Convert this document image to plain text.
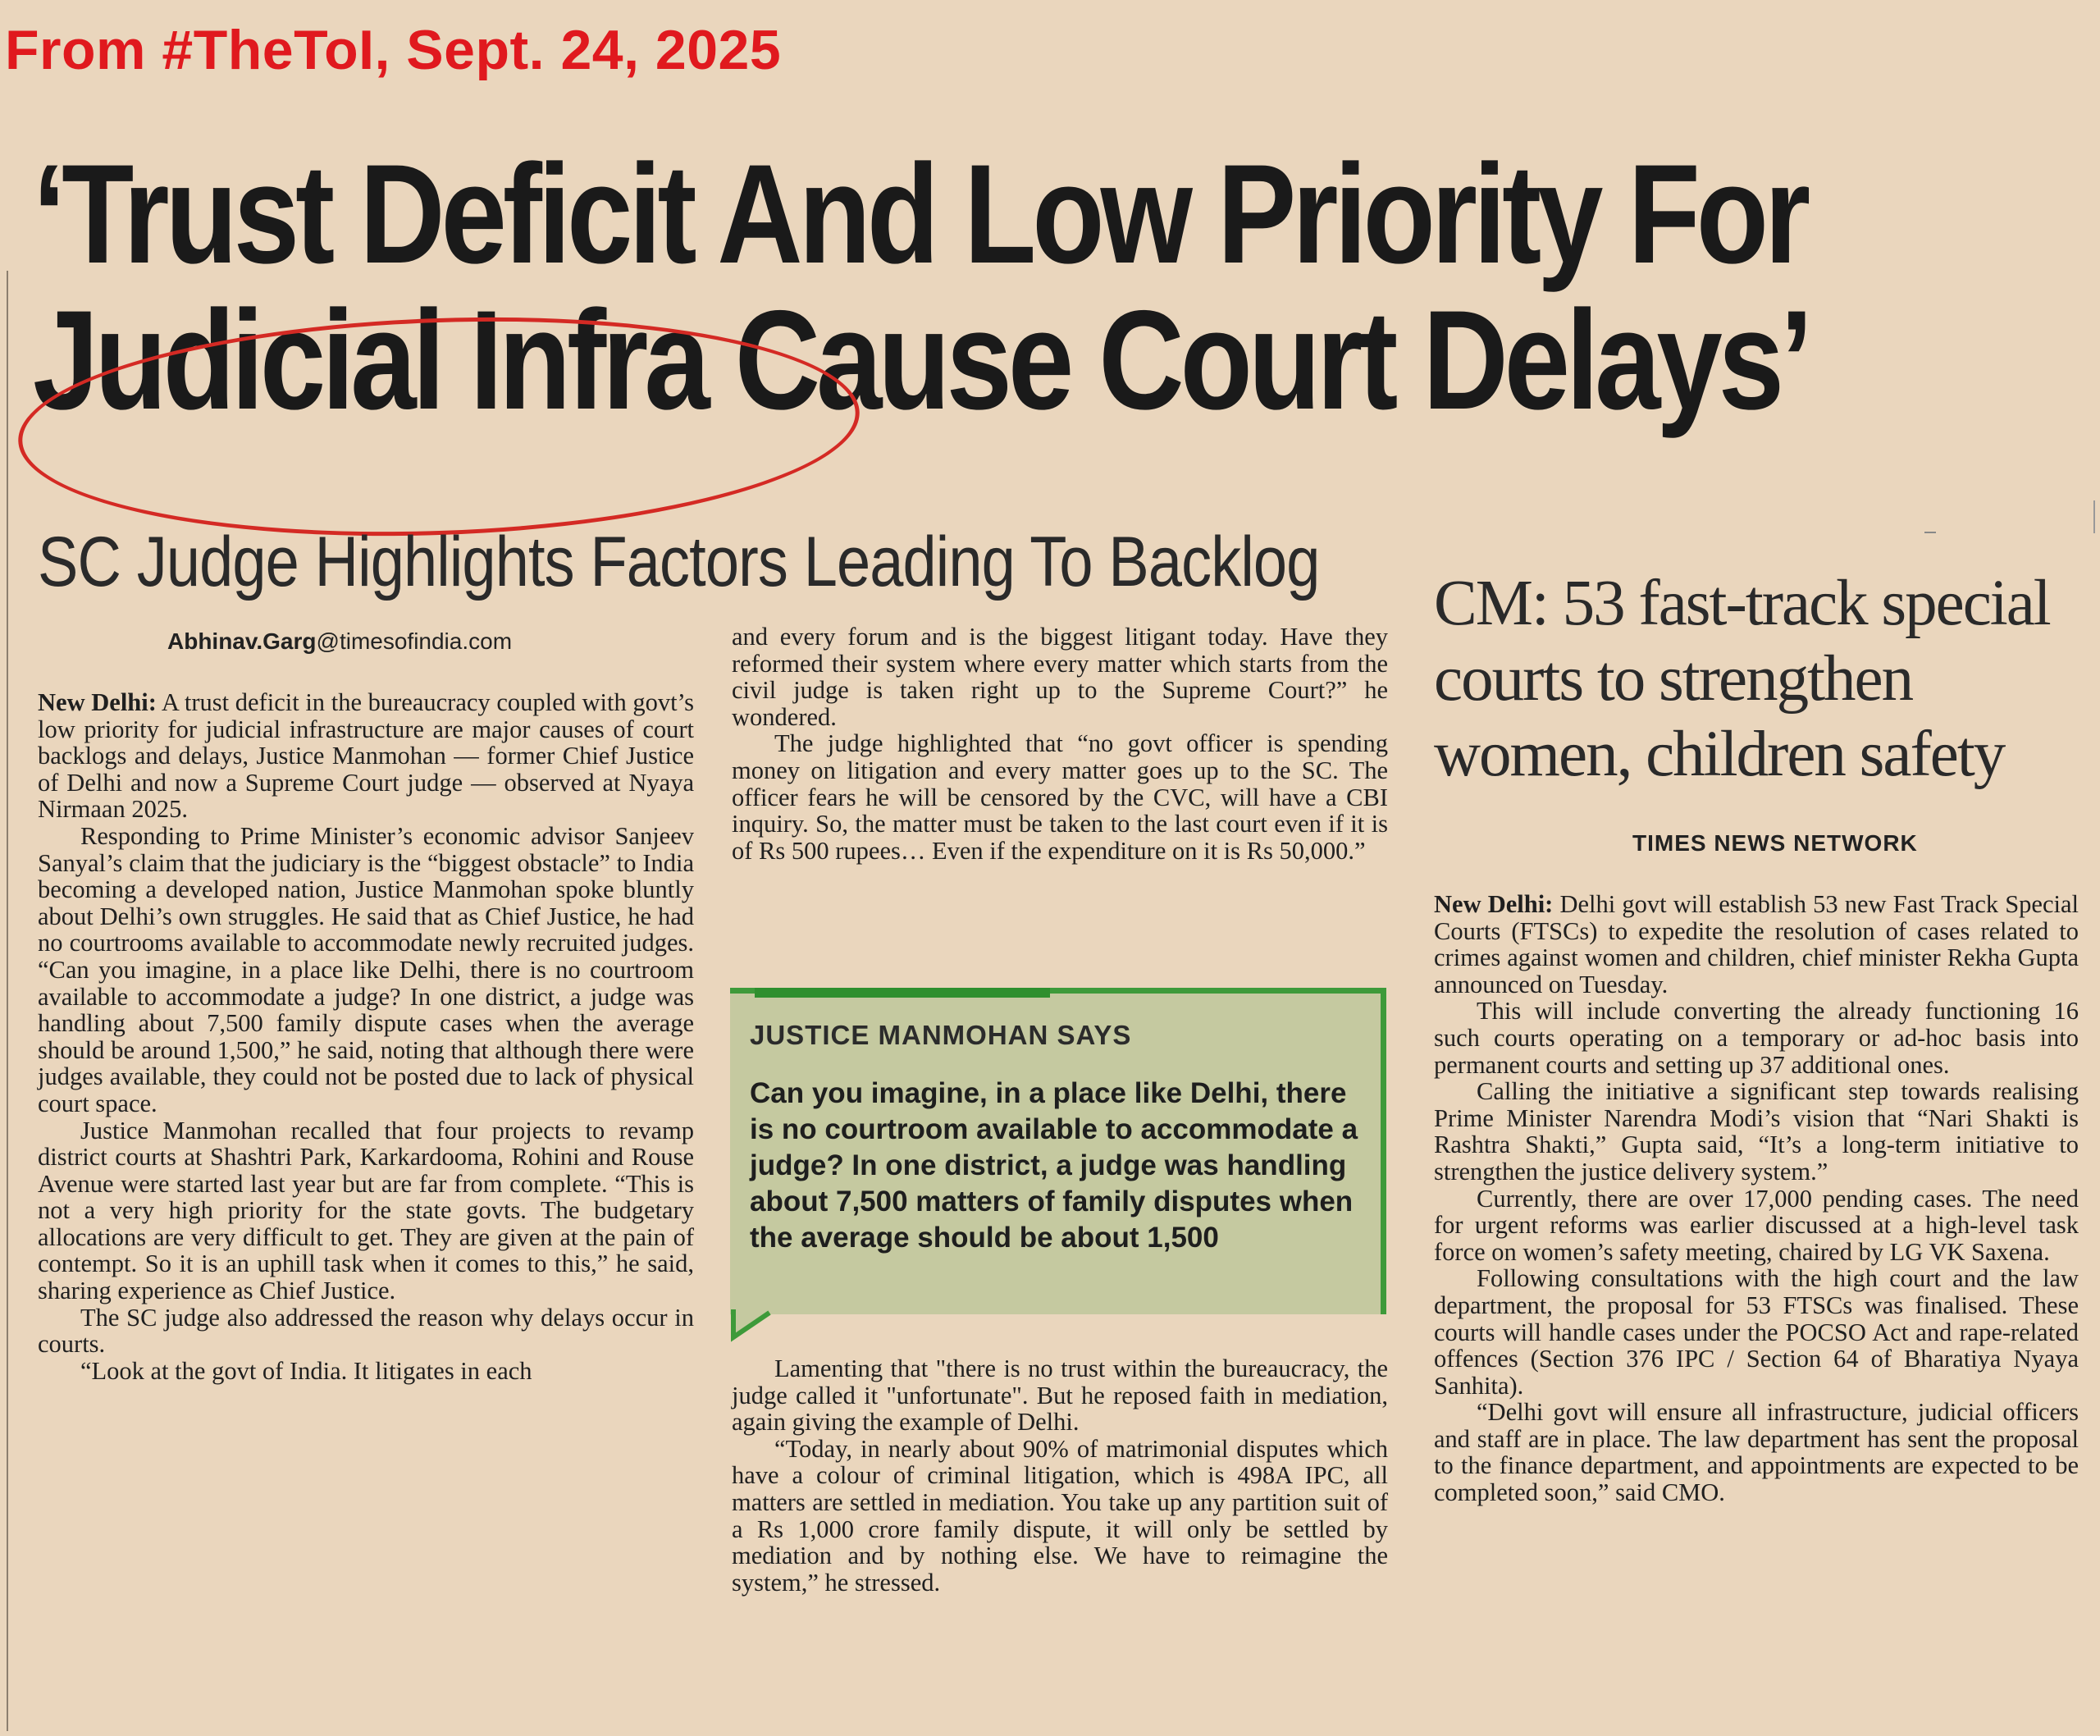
From #TheToI, Sept. 24, 2025
‘Trust Deficit And Low Priority For
Judicial Infra Cause Court Delays’
SC Judge Highlights Factors Leading To Backlog
Abhinav.Garg@timesofindia.com

New Delhi: A trust deficit in the bureaucracy coupled with govt’s low priority for judicial infrastructure are major causes of court backlogs and delays, Justice Manmohan — former Chief Justice of Delhi and now a Supreme Court judge — observed at Nyaya Nirmaan 2025.

Responding to Prime Minister’s economic advisor Sanjeev Sanyal’s claim that the judiciary is the “biggest obstacle” to India becoming a developed nation, Justice Manmohan spoke bluntly about Delhi’s own struggles. He said that as Chief Justice, he had no courtrooms available to accommodate newly recruited judges. “Can you imagine, in a place like Delhi, there is no courtroom available to accommodate a judge? In one district, a judge was handling about 7,500 family dispute cases when the average should be around 1,500,” he said, noting that although there were judges available, they could not be posted due to lack of physical court space.

Justice Manmohan recalled that four projects to revamp district courts at Shashtri Park, Karkardooma, Rohini and Rouse Avenue were started last year but are far from complete. “This is not a very high priority for the state govts. The budgetary allocations are very difficult to get. They are given at the pain of contempt. So it is an uphill task when it comes to this,” he said, sharing experience as Chief Justice.

The SC judge also addressed the reason why delays occur in courts.

“Look at the govt of India. It litigates in each

and every forum and is the biggest litigant today. Have they reformed their system where every matter which starts from the civil judge is taken right up to the Supreme Court?” he wondered.

The judge highlighted that “no govt officer is spending money on litigation and every matter goes up to the SC. The officer fears he will be censored by the CVC, will have a CBI inquiry. So, the matter must be taken to the last court even if it is of Rs 500 rupees… Even if the expenditure on it is Rs 50,000.”

JUSTICE MANMOHAN SAYS
Can you imagine, in a place like Delhi, there is no courtroom available to accommodate a judge? In one district, a judge was handling about 7,500 matters of family disputes when the average should be about 1,500

Lamenting that "there is no trust within the bureaucracy, the judge called it "unfortunate". But he reposed faith in mediation, again giving the example of Delhi.

“Today, in nearly about 90% of matrimonial disputes which have a colour of criminal litigation, which is 498A IPC, all matters are settled in mediation. You take up any partition suit of a Rs 1,000 crore family dispute, it will only be settled by mediation and by nothing else. We have to reimagine the system,” he stressed.

CM: 53 fast-track special
courts to strengthen
women, children safety
TIMES NEWS NETWORK

New Delhi: Delhi govt will establish 53 new Fast Track Special Courts (FTSCs) to expedite the resolution of cases related to crimes against women and children, chief minister Rekha Gupta announced on Tuesday.

This will include converting the already functioning 16 such courts operating on a temporary or ad-hoc basis into permanent courts and setting up 37 additional ones.

Calling the initiative a significant step towards realising Prime Minister Narendra Modi’s vision that “Nari Shakti is Rashtra Shakti,” Gupta said, “It’s a long-term initiative to strengthen the justice delivery system.”

Currently, there are over 17,000 pending cases. The need for urgent reforms was earlier discussed at a high-level task force on women’s safety meeting, chaired by LG VK Saxena.

Following consultations with the high court and the law department, the proposal for 53 FTSCs was finalised. These courts will handle cases under the POCSO Act and rape-related offences (Section 376 IPC / Section 64 of Bharatiya Nyaya Sanhita).

“Delhi govt will ensure all infrastructure, judicial officers and staff are in place. The law department has sent the proposal to the finance department, and appointments are expected to be completed soon,” said CMO.
